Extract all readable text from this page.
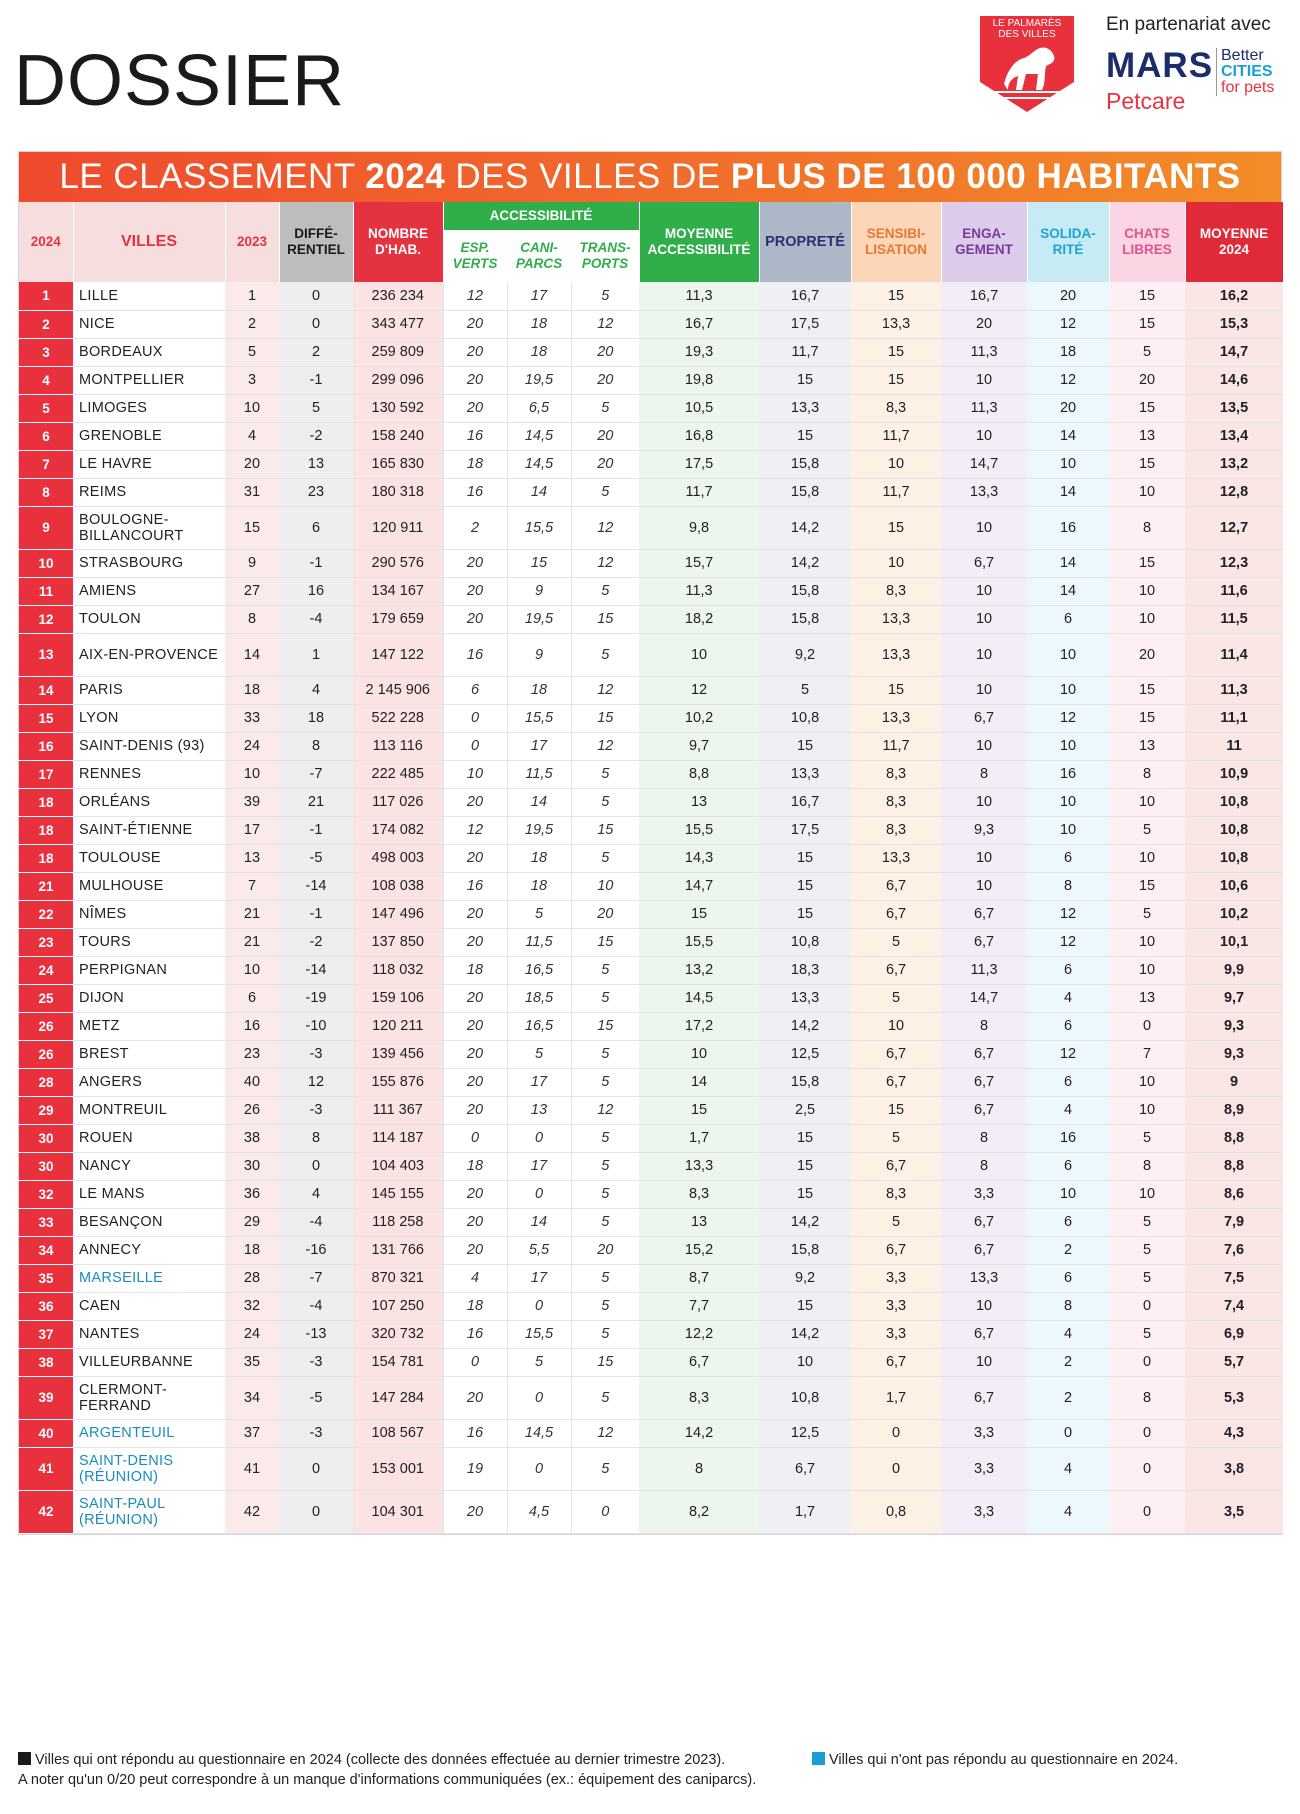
DOSSIER
LE PALMARÈS DES VILLES	En partenariat avec
MARS
Petcare
Better
CITIES
for pets
LE CLASSEMENT 2024 DES VILLES DE PLUS DE 100 000 HABITANTS
2024	VILLES	2023	DIFFÉ-RENTIEL	NOMBRE D'HAB.	ACCESSIBILITÉ			MOYENNE ACCESSIBILITÉ	PROPRETÉ	SENSIBI-LISATION	ENGA-GEMENT	SOLIDA-RITÉ	CHATS LIBRES	MOYENNE 2024
					ESP. VERTS	CANI-PARCS	TRANS-PORTS							
1	LILLE	1	0	236 234	12	17	5	11,3	16,7	15	16,7	20	15	16,2
2	NICE	2	0	343 477	20	18	12	16,7	17,5	13,3	20	12	15	15,3
3	BORDEAUX	5	2	259 809	20	18	20	19,3	11,7	15	11,3	18	5	14,7
4	MONTPELLIER	3	-1	299 096	20	19,5	20	19,8	15	15	10	12	20	14,6
5	LIMOGES	10	5	130 592	20	6,5	5	10,5	13,3	8,3	11,3	20	15	13,5
6	GRENOBLE	4	-2	158 240	16	14,5	20	16,8	15	11,7	10	14	13	13,4
7	LE HAVRE	20	13	165 830	18	14,5	20	17,5	15,8	10	14,7	10	15	13,2
8	REIMS	31	23	180 318	16	14	5	11,7	15,8	11,7	13,3	14	10	12,8
9	BOULOGNE-BILLANCOURT	15	6	120 911	2	15,5	12	9,8	14,2	15	10	16	8	12,7
10	STRASBOURG	9	-1	290 576	20	15	12	15,7	14,2	10	6,7	14	15	12,3
11	AMIENS	27	16	134 167	20	9	5	11,3	15,8	8,3	10	14	10	11,6
12	TOULON	8	-4	179 659	20	19,5	15	18,2	15,8	13,3	10	6	10	11,5
13	AIX-EN-PROVENCE	14	1	147 122	16	9	5	10	9,2	13,3	10	10	20	11,4
14	PARIS	18	4	2 145 906	6	18	12	12	5	15	10	10	15	11,3
15	LYON	33	18	522 228	0	15,5	15	10,2	10,8	13,3	6,7	12	15	11,1
16	SAINT-DENIS (93)	24	8	113 116	0	17	12	9,7	15	11,7	10	10	13	11
17	RENNES	10	-7	222 485	10	11,5	5	8,8	13,3	8,3	8	16	8	10,9
18	ORLÉANS	39	21	117 026	20	14	5	13	16,7	8,3	10	10	10	10,8
18	SAINT-ÉTIENNE	17	-1	174 082	12	19,5	15	15,5	17,5	8,3	9,3	10	5	10,8
18	TOULOUSE	13	-5	498 003	20	18	5	14,3	15	13,3	10	6	10	10,8
21	MULHOUSE	7	-14	108 038	16	18	10	14,7	15	6,7	10	8	15	10,6
22	NÎMES	21	-1	147 496	20	5	20	15	15	6,7	6,7	12	5	10,2
23	TOURS	21	-2	137 850	20	11,5	15	15,5	10,8	5	6,7	12	10	10,1
24	PERPIGNAN	10	-14	118 032	18	16,5	5	13,2	18,3	6,7	11,3	6	10	9,9
25	DIJON	6	-19	159 106	20	18,5	5	14,5	13,3	5	14,7	4	13	9,7
26	METZ	16	-10	120 211	20	16,5	15	17,2	14,2	10	8	6	0	9,3
26	BREST	23	-3	139 456	20	5	5	10	12,5	6,7	6,7	12	7	9,3
28	ANGERS	40	12	155 876	20	17	5	14	15,8	6,7	6,7	6	10	9
29	MONTREUIL	26	-3	111 367	20	13	12	15	2,5	15	6,7	4	10	8,9
30	ROUEN	38	8	114 187	0	0	5	1,7	15	5	8	16	5	8,8
30	NANCY	30	0	104 403	18	17	5	13,3	15	6,7	8	6	8	8,8
32	LE MANS	36	4	145 155	20	0	5	8,3	15	8,3	3,3	10	10	8,6
33	BESANÇON	29	-4	118 258	20	14	5	13	14,2	5	6,7	6	5	7,9
34	ANNECY	18	-16	131 766	20	5,5	20	15,2	15,8	6,7	6,7	2	5	7,6
35	MARSEILLE	28	-7	870 321	4	17	5	8,7	9,2	3,3	13,3	6	5	7,5
36	CAEN	32	-4	107 250	18	0	5	7,7	15	3,3	10	8	0	7,4
37	NANTES	24	-13	320 732	16	15,5	5	12,2	14,2	3,3	6,7	4	5	6,9
38	VILLEURBANNE	35	-3	154 781	0	5	15	6,7	10	6,7	10	2	0	5,7
39	CLERMONT-FERRAND	34	-5	147 284	20	0	5	8,3	10,8	1,7	6,7	2	8	5,3
40	ARGENTEUIL	37	-3	108 567	16	14,5	12	14,2	12,5	0	3,3	0	0	4,3
41	SAINT-DENIS (RÉUNION)	41	0	153 001	19	0	5	8	6,7	0	3,3	4	0	3,8
42	SAINT-PAUL (RÉUNION)	42	0	104 301	20	4,5	0	8,2	1,7	0,8	3,3	4	0	3,5
Villes qui ont répondu au questionnaire en 2024 (collecte des données effectuée au dernier trimestre 2023).
A noter qu'un 0/20 peut correspondre à un manque d'informations communiquées (ex.: équipement des caniparcs).
Villes qui n'ont pas répondu au questionnaire en 2024.
